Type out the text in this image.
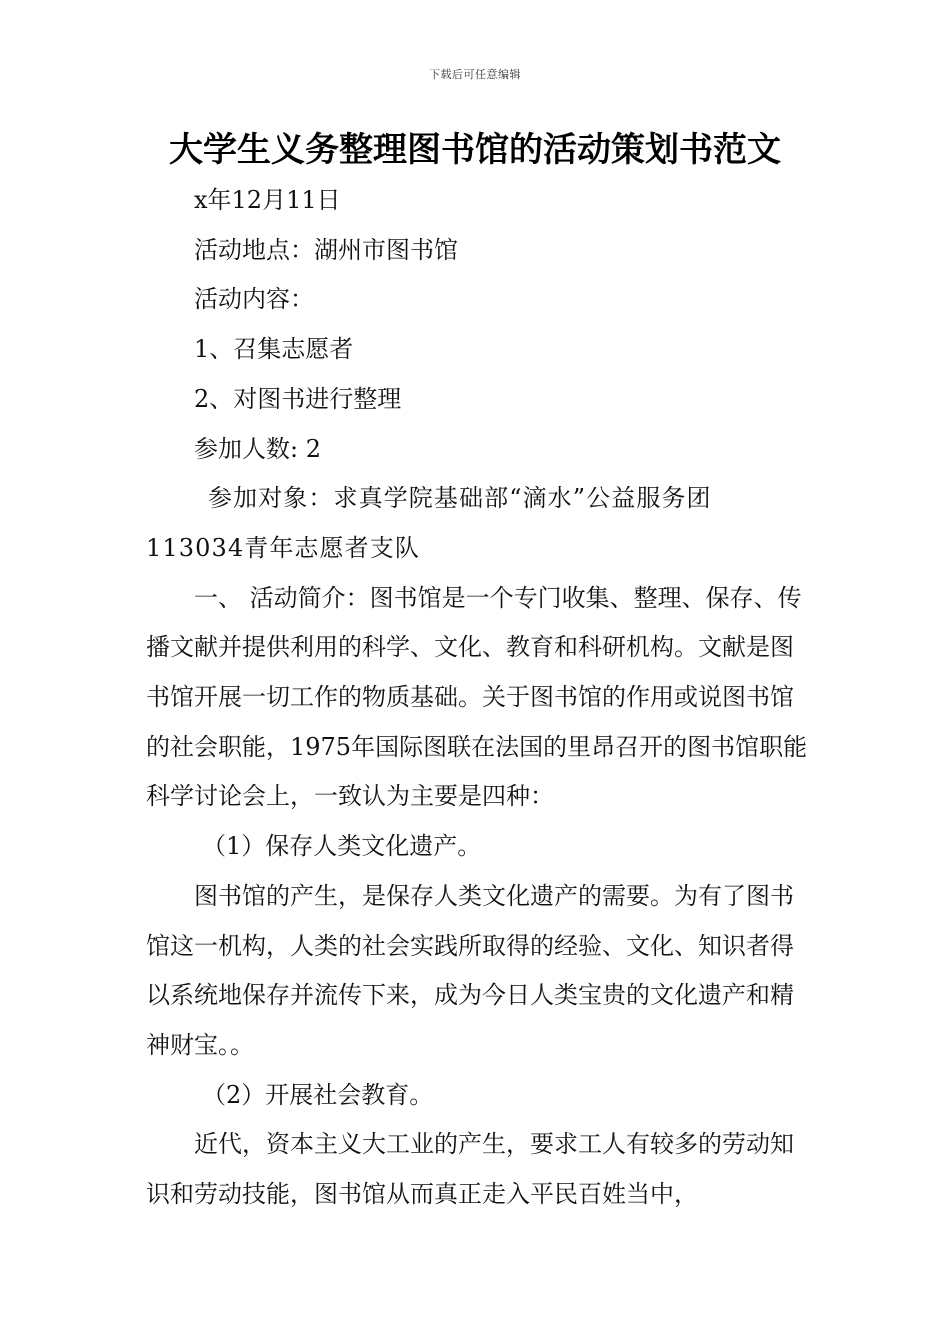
下载后可任意编辑
大学生义务整理图书馆的活动策划书范文

x年12月11日

活动地点：湖州市图书馆

活动内容：

1、召集志愿者

2、对图书进行整理

参加人数: 2

参加对象：求真学院基础部“滴水”公益服务团113034青年志愿者支队

一、 活动简介：图书馆是一个专门收集、整理、保存、传播文献并提供利用的科学、文化、教育和科研机构。文献是图书馆开展一切工作的物质基础。关于图书馆的作用或说图书馆的社会职能，1975年国际图联在法国的里昂召开的图书馆职能科学讨论会上，一致认为主要是四种：

（1）保存人类文化遗产。

图书馆的产生，是保存人类文化遗产的需要。为有了图书馆这一机构，人类的社会实践所取得的经验、文化、知识者得以系统地保存并流传下来，成为今日人类宝贵的文化遗产和精神财宝。。

（2）开展社会教育。

近代，资本主义大工业的产生，要求工人有较多的劳动知识和劳动技能，图书馆从而真正走入平民百姓当中，
